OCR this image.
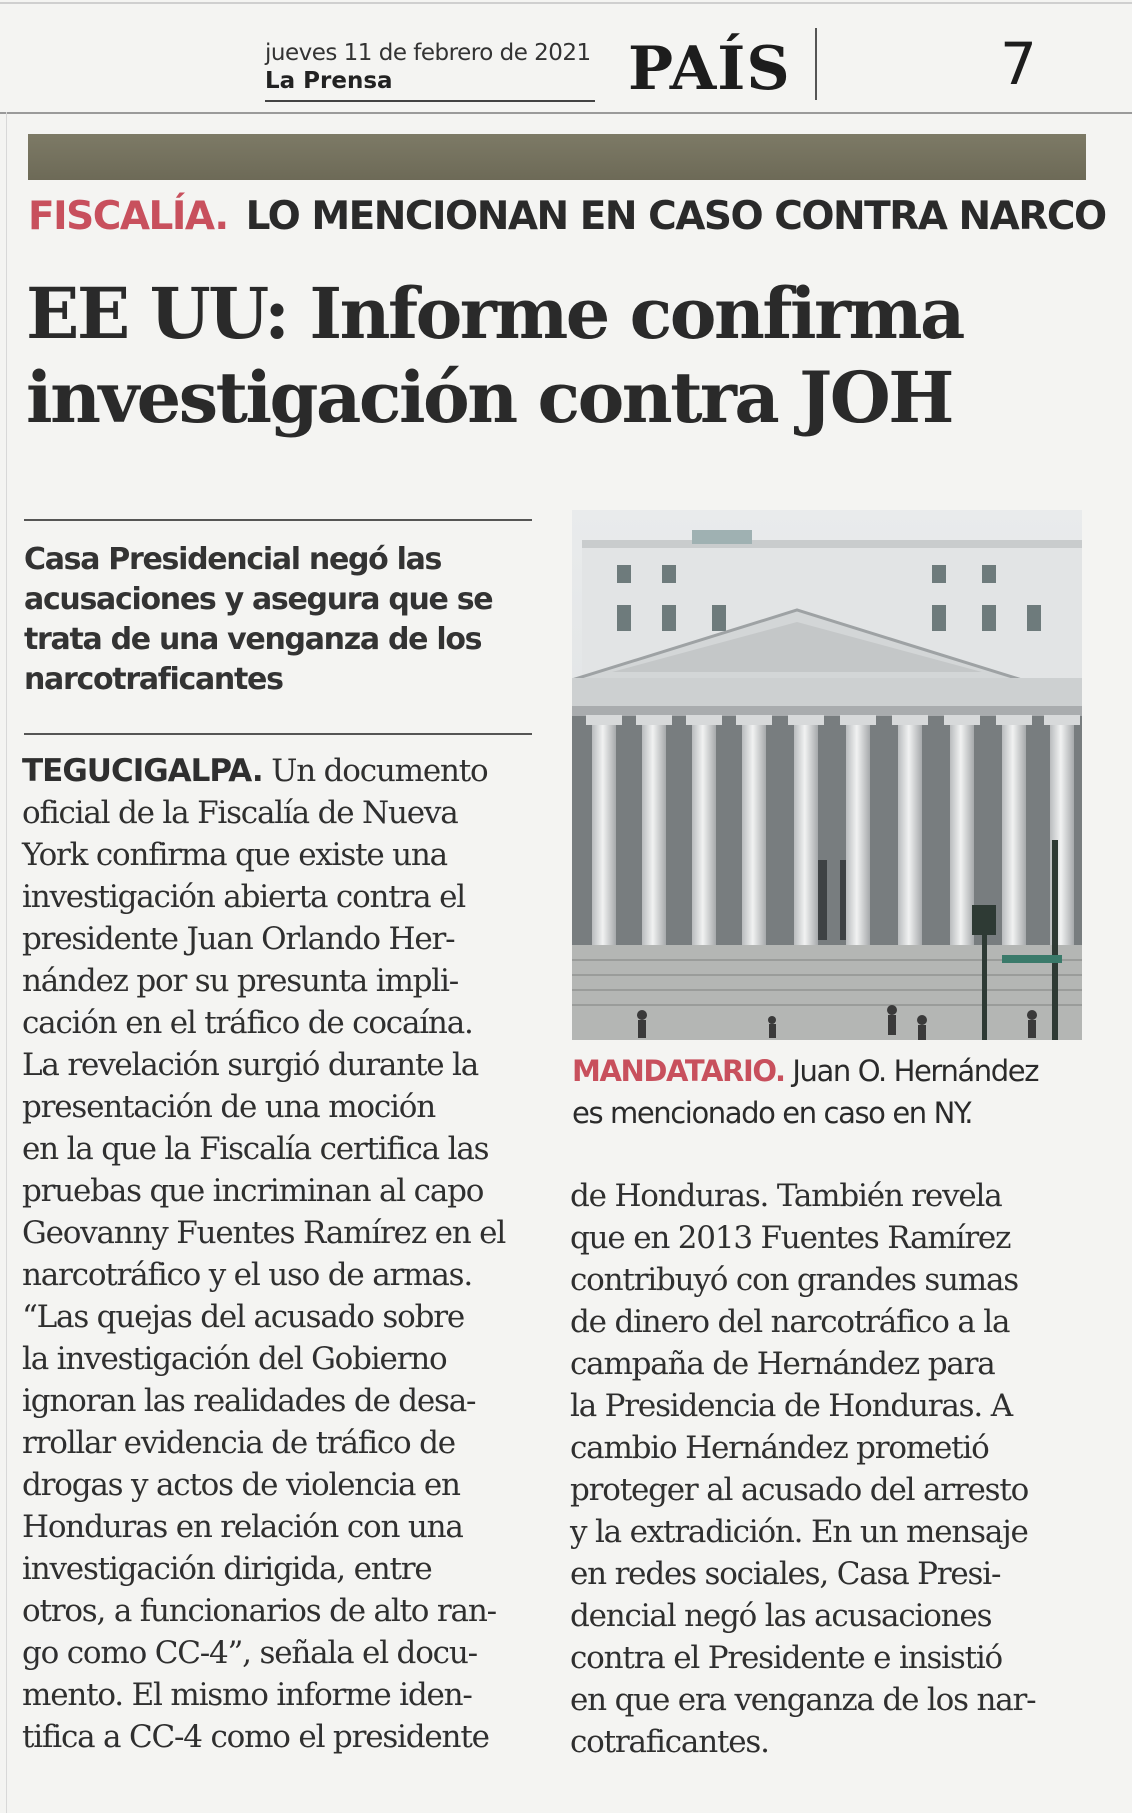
jueves 11 de febrero de 2021
La Prensa	PAÍS	7
FISCALÍA. LO MENCIONAN EN CASO CONTRA NARCO
EE UU: Informe confirma
investigación contra JOH
Casa Presidencial negó las
acusaciones y asegura que se
trata de una venganza de los
narcotraficantes
TEGUCIGALPA. Un documento
oficial de la Fiscalía de Nueva
York confirma que existe una
investigación abierta contra el
presidente Juan Orlando Her-
nández por su presunta impli-
cación en el tráfico de cocaína.
La revelación surgió durante la
presentación de una moción
en la que la Fiscalía certifica las
pruebas que incriminan al capo
Geovanny Fuentes Ramírez en el
narcotráfico y el uso de armas.
“Las quejas del acusado sobre
la investigación del Gobierno
ignoran las realidades de desa-
rrollar evidencia de tráfico de
drogas y actos de violencia en
Honduras en relación con una
investigación dirigida, entre
otros, a funcionarios de alto ran-
go como CC-4”, señala el docu-
mento. El mismo informe iden-
tifica a CC-4 como el presidente
MANDATARIO. Juan O. Hernández
es mencionado en caso en NY.
de Honduras. También revela
que en 2013 Fuentes Ramírez
contribuyó con grandes sumas
de dinero del narcotráfico a la
campaña de Hernández para
la Presidencia de Honduras. A
cambio Hernández prometió
proteger al acusado del arresto
y la extradición. En un mensaje
en redes sociales, Casa Presi-
dencial negó las acusaciones
contra el Presidente e insistió
en que era venganza de los nar-
cotraficantes.
